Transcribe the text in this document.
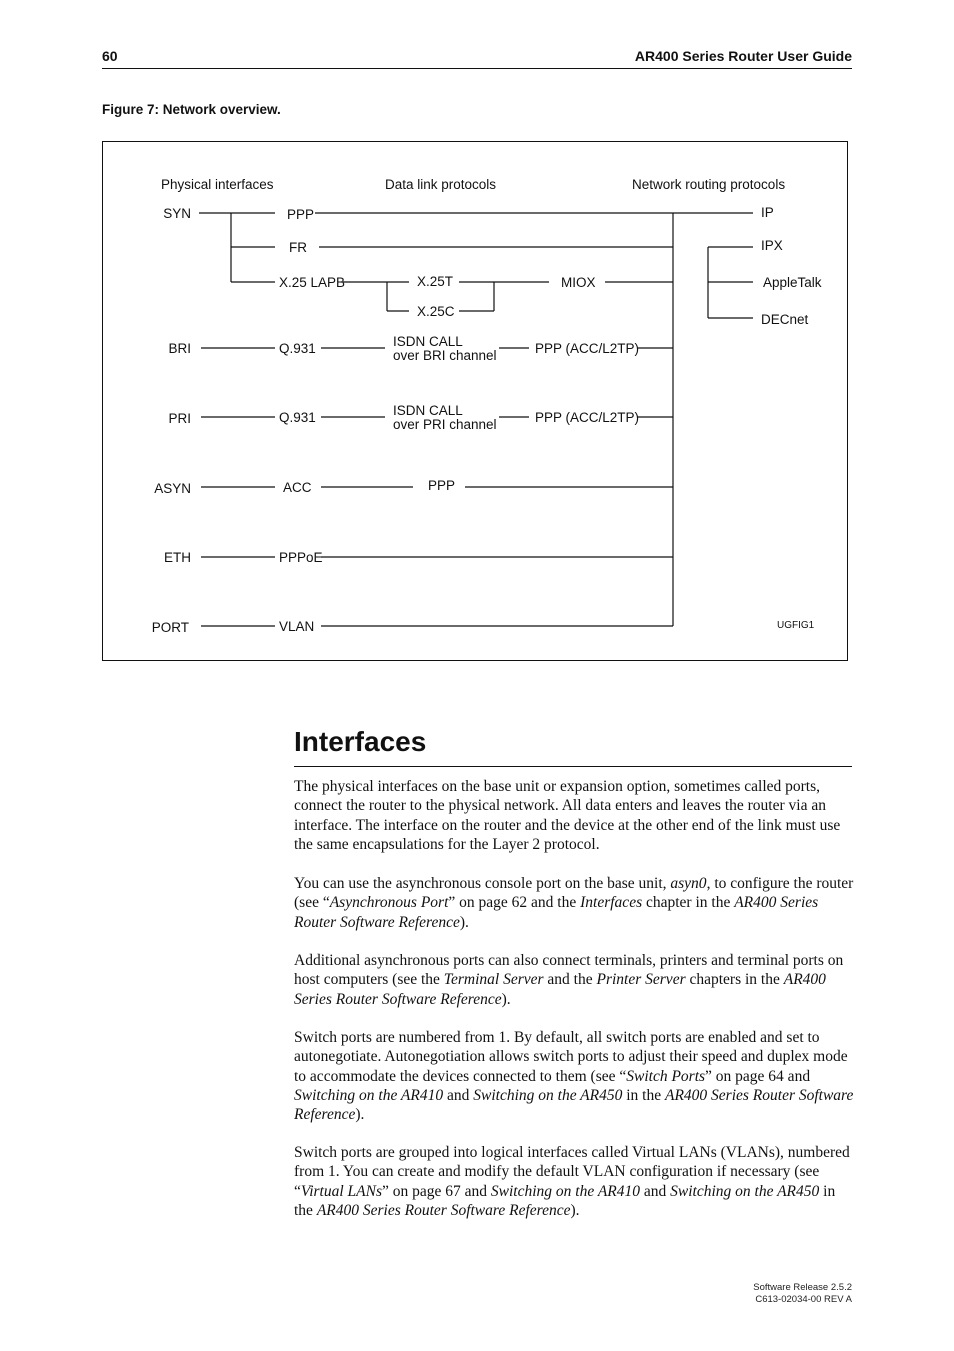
60	AR400 Series Router User Guide
Figure 7: Network overview.
Physical interfaces	Data link protocols	Network routing protocols
SYN
BRI
PRI
ASYN
ETH
PORT
PPP
FR
X.25 LAPB	X.25T
X.25C
MIOX
Q.931	ISDN CALL
over BRI channel	PPP (ACC/L2TP)
Q.931	ISDN CALL
over PRI channel	PPP (ACC/L2TP)
ACC	PPP
PPPoE
VLAN
IP
IPX
AppleTalk
DECnet
UGFIG1
Interfaces

The physical interfaces on the base unit or expansion option, sometimes called ports, connect the router to the physical network. All data enters and leaves the router via an interface. The interface on the router and the device at the other end of the link must use the same encapsulations for the Layer 2 protocol.

You can use the asynchronous console port on the base unit, asyn0, to configure the router (see “Asynchronous Port” on page 62 and the Interfaces chapter in the AR400 Series Router Software Reference).

Additional asynchronous ports can also connect terminals, printers and terminal ports on host computers (see the Terminal Server and the Printer Server chapters in the AR400 Series Router Software Reference).

Switch ports are numbered from 1. By default, all switch ports are enabled and set to autonegotiate. Autonegotiation allows switch ports to adjust their speed and duplex mode to accommodate the devices connected to them (see “Switch Ports” on page 64 and Switching on the AR410 and Switching on the AR450 in the AR400 Series Router Software Reference).

Switch ports are grouped into logical interfaces called Virtual LANs (VLANs), numbered from 1. You can create and modify the default VLAN configuration if necessary (see “Virtual LANs” on page 67 and Switching on the AR410 and Switching on the AR450 in the AR400 Series Router Software Reference).

Software Release 2.5.2
C613-02034-00 REV A
